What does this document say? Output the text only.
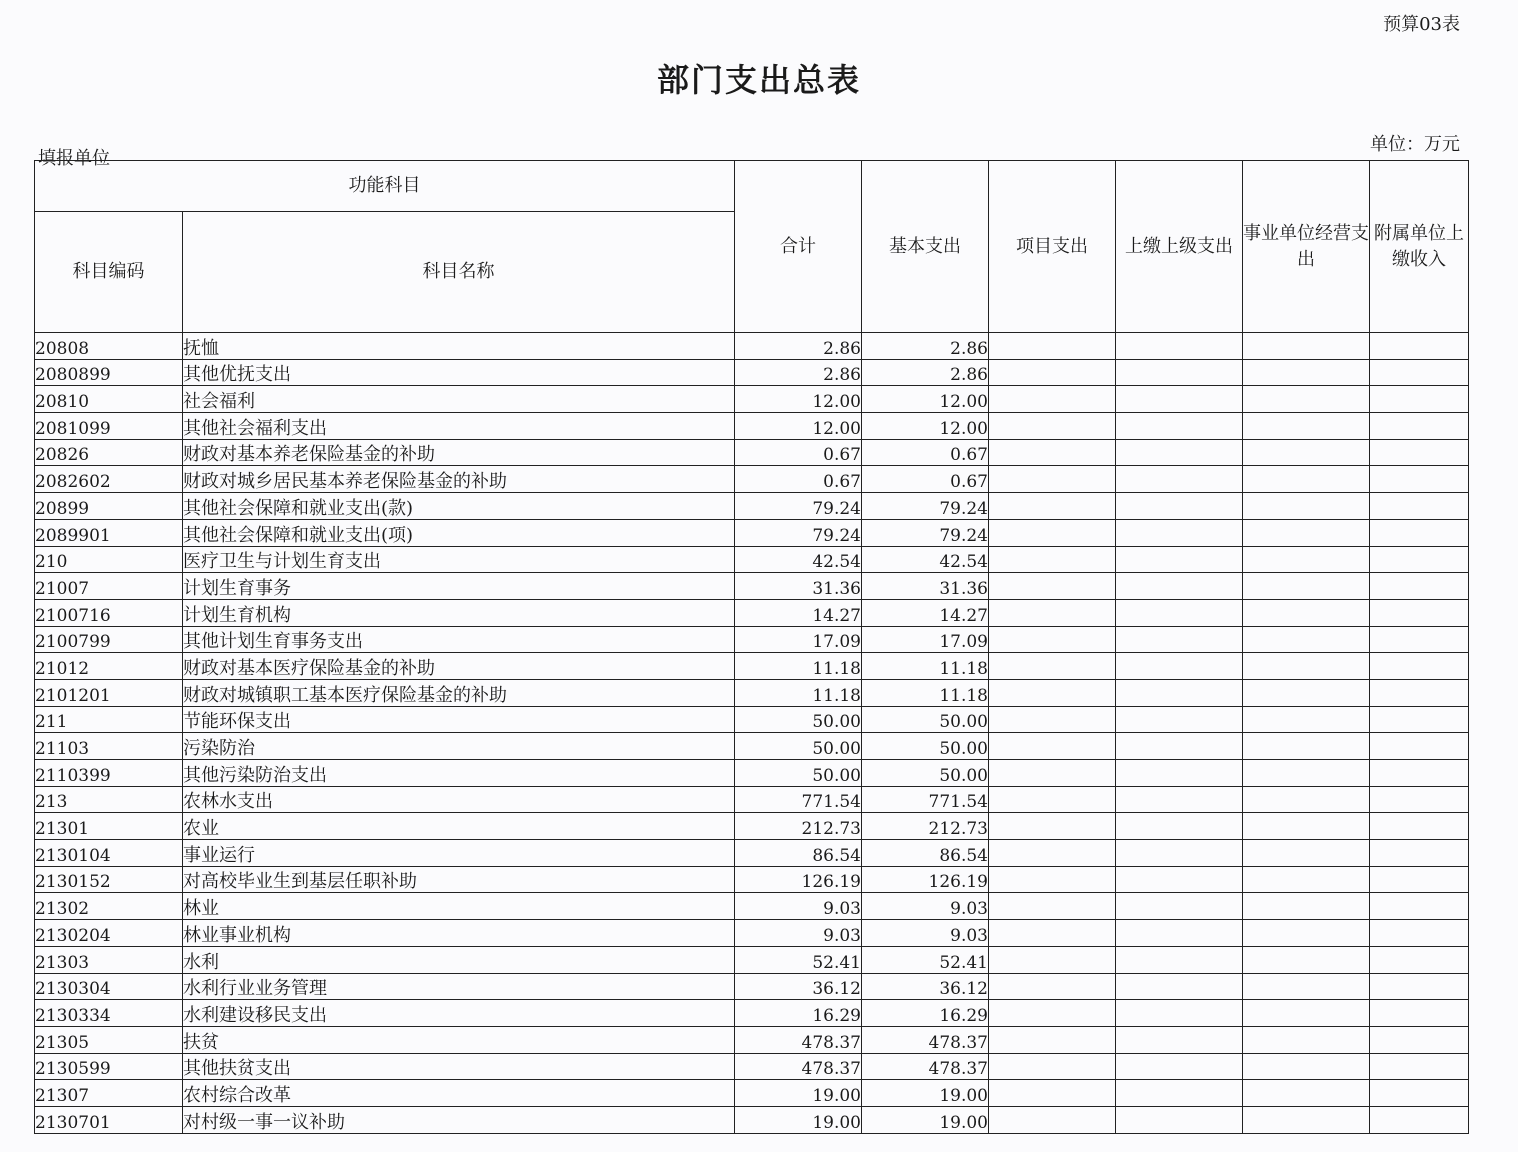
预算03表
部门支出总表
填报单位
单位：万元
功能科目		合计	基本支出	项目支出	上缴上级支出	事业单位经营支出	附属单位上缴收入
科目编码	科目名称						
20808	抚恤	2.86	2.86				
2080899	其他优抚支出	2.86	2.86				
20810	社会福利	12.00	12.00				
2081099	其他社会福利支出	12.00	12.00				
20826	财政对基本养老保险基金的补助	0.67	0.67				
2082602	财政对城乡居民基本养老保险基金的补助	0.67	0.67				
20899	其他社会保障和就业支出(款)	79.24	79.24				
2089901	其他社会保障和就业支出(项)	79.24	79.24				
210	医疗卫生与计划生育支出	42.54	42.54				
21007	计划生育事务	31.36	31.36				
2100716	计划生育机构	14.27	14.27				
2100799	其他计划生育事务支出	17.09	17.09				
21012	财政对基本医疗保险基金的补助	11.18	11.18				
2101201	财政对城镇职工基本医疗保险基金的补助	11.18	11.18				
211	节能环保支出	50.00	50.00				
21103	污染防治	50.00	50.00				
2110399	其他污染防治支出	50.00	50.00				
213	农林水支出	771.54	771.54				
21301	农业	212.73	212.73				
2130104	事业运行	86.54	86.54				
2130152	对高校毕业生到基层任职补助	126.19	126.19				
21302	林业	9.03	9.03				
2130204	林业事业机构	9.03	9.03				
21303	水利	52.41	52.41				
2130304	水利行业业务管理	36.12	36.12				
2130334	水利建设移民支出	16.29	16.29				
21305	扶贫	478.37	478.37				
2130599	其他扶贫支出	478.37	478.37				
21307	农村综合改革	19.00	19.00				
2130701	对村级一事一议补助	19.00	19.00				
